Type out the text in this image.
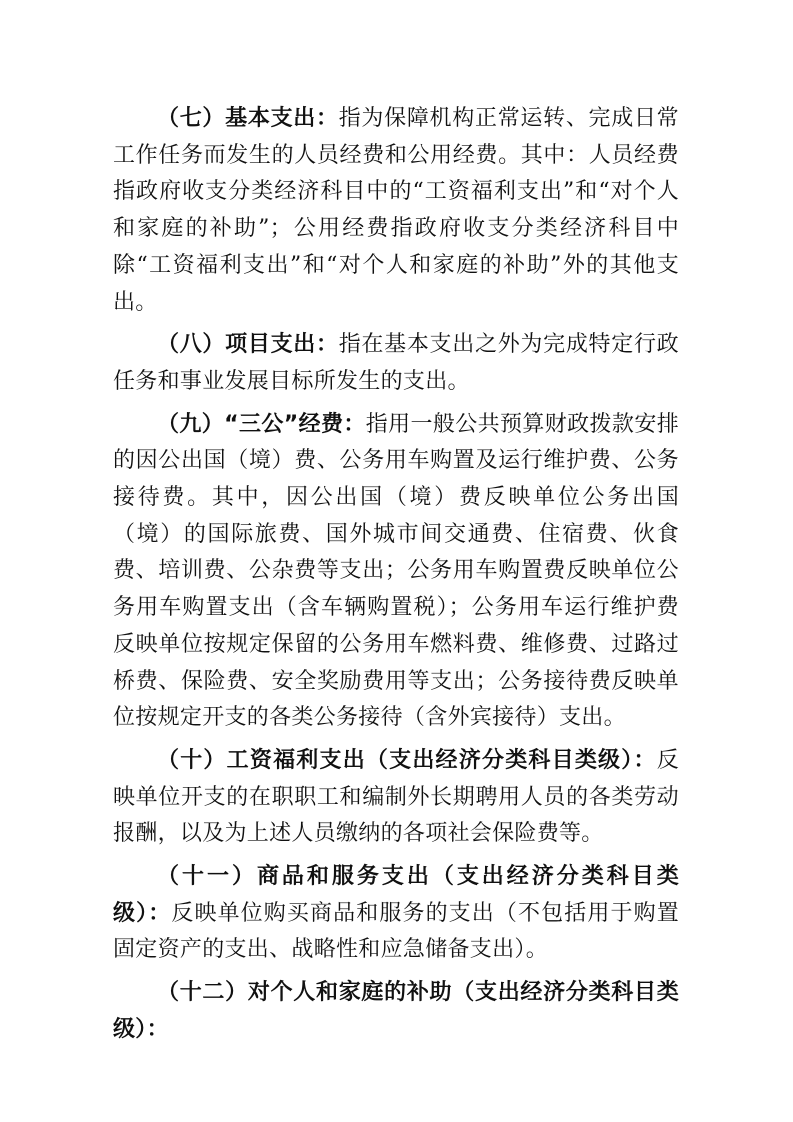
（七）基本支出：指为保障机构正常运转、完成日常工作任务而发生的人员经费和公用经费。其中：人员经费指政府收支分类经济科目中的“工资福利支出”和“对个人和家庭的补助”；公用经费指政府收支分类经济科目中除“工资福利支出”和“对个人和家庭的补助”外的其他支出。

（八）项目支出：指在基本支出之外为完成特定行政任务和事业发展目标所发生的支出。

（九）“三公”经费：指用一般公共预算财政拨款安排的因公出国（境）费、公务用车购置及运行维护费、公务接待费。其中，因公出国（境）费反映单位公务出国（境）的国际旅费、国外城市间交通费、住宿费、伙食费、培训费、公杂费等支出；公务用车购置费反映单位公务用车购置支出（含车辆购置税）；公务用车运行维护费反映单位按规定保留的公务用车燃料费、维修费、过路过桥费、保险费、安全奖励费用等支出；公务接待费反映单位按规定开支的各类公务接待（含外宾接待）支出。

（十）工资福利支出（支出经济分类科目类级）：反映单位开支的在职职工和编制外长期聘用人员的各类劳动报酬，以及为上述人员缴纳的各项社会保险费等。

（十一）商品和服务支出（支出经济分类科目类级）：反映单位购买商品和服务的支出（不包括用于购置固定资产的支出、战略性和应急储备支出）。

（十二）对个人和家庭的补助（支出经济分类科目类级）：
